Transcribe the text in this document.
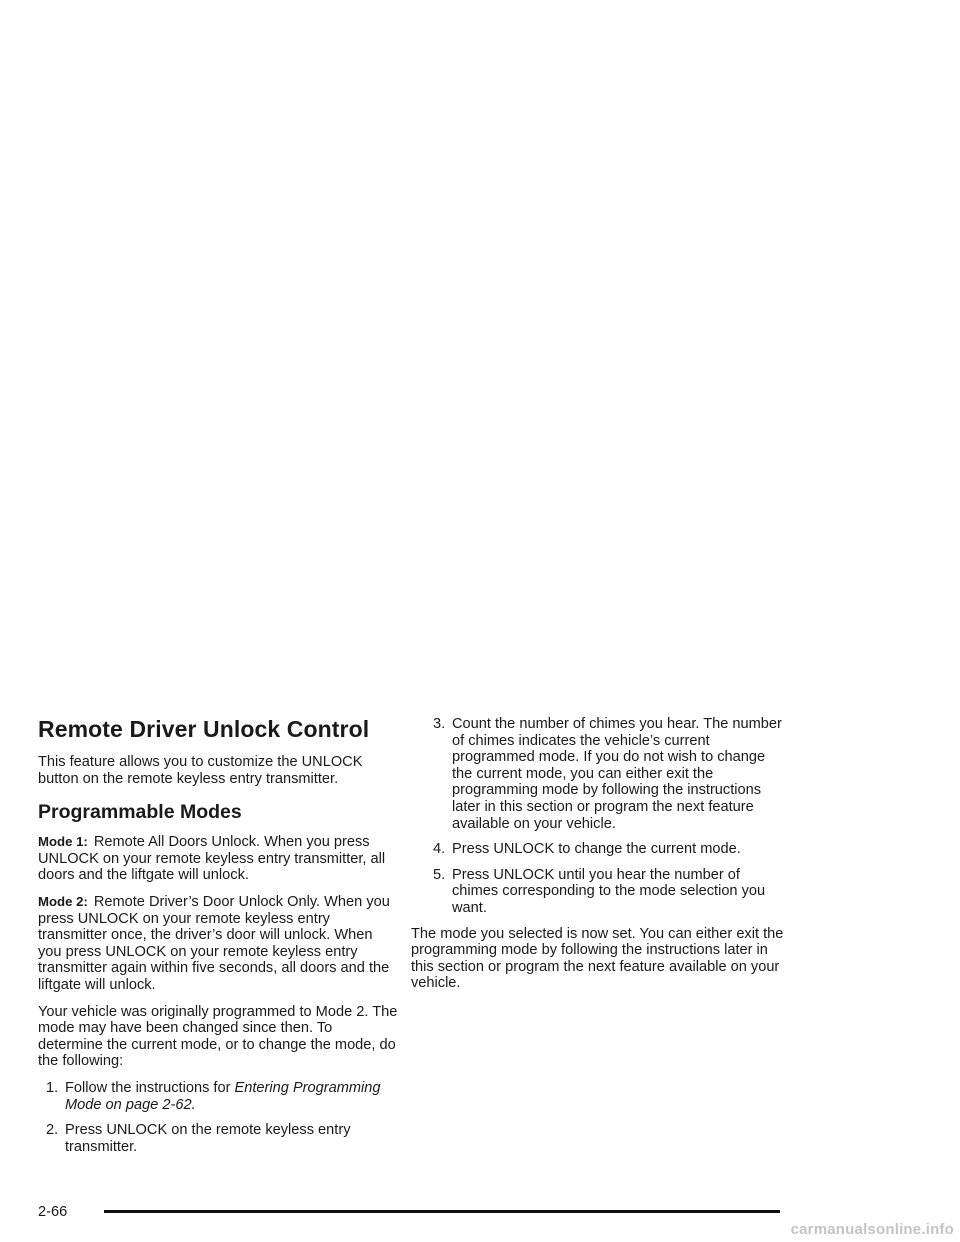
Remote Driver Unlock Control

This feature allows you to customize the UNLOCK button on the remote keyless entry transmitter.

Programmable Modes

Mode 1: Remote All Doors Unlock. When you press UNLOCK on your remote keyless entry transmitter, all doors and the liftgate will unlock.

Mode 2: Remote Driver’s Door Unlock Only. When you press UNLOCK on your remote keyless entry transmitter once, the driver’s door will unlock. When you press UNLOCK on your remote keyless entry transmitter again within five seconds, all doors and the liftgate will unlock.

Your vehicle was originally programmed to Mode 2. The mode may have been changed since then. To determine the current mode, or to change the mode, do the following:

1. Follow the instructions for Entering Programming Mode on page 2-62.
2. Press UNLOCK on the remote keyless entry transmitter.
3. Count the number of chimes you hear. The number of chimes indicates the vehicle’s current programmed mode. If you do not wish to change the current mode, you can either exit the programming mode by following the instructions later in this section or program the next feature available on your vehicle.
4. Press UNLOCK to change the current mode.
5. Press UNLOCK until you hear the number of chimes corresponding to the mode selection you want.

The mode you selected is now set. You can either exit the programming mode by following the instructions later in this section or program the next feature available on your vehicle.

2-66
carmanualsonline.info
